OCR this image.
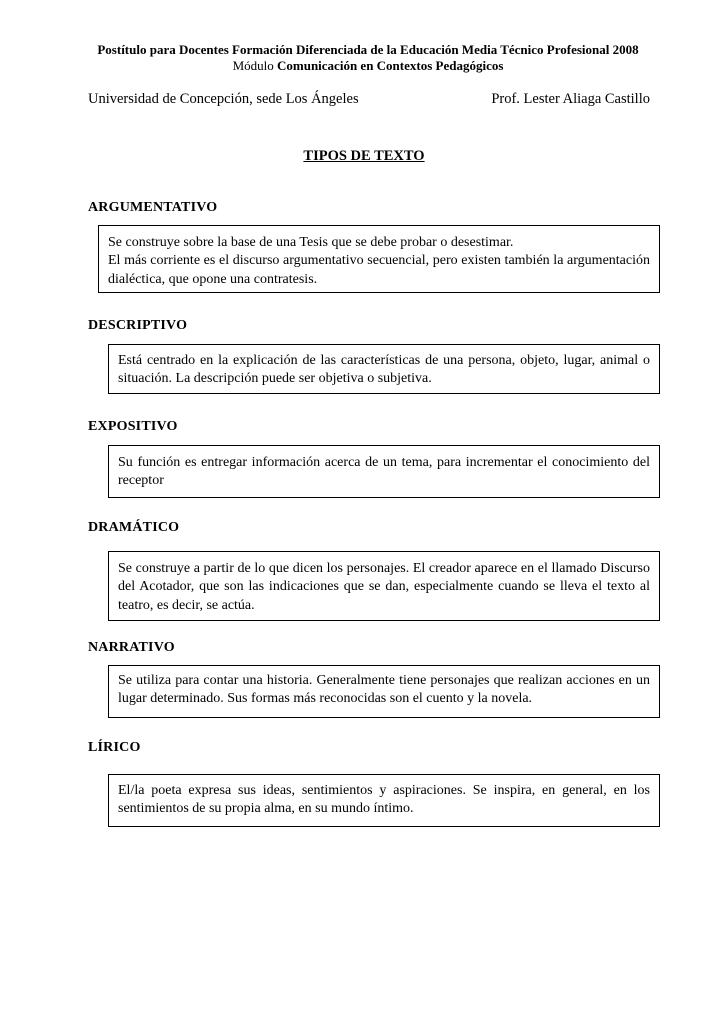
Postítulo para Docentes Formación Diferenciada de la Educación Media Técnico Profesional 2008
Módulo Comunicación en Contextos Pedagógicos
Universidad de Concepción, sede Los Ángeles	Prof. Lester Aliaga Castillo
TIPOS DE TEXTO
ARGUMENTATIVO

Se construye sobre la base de una Tesis que se debe probar o desestimar.

El más corriente es el discurso argumentativo secuencial, pero existen también la argumentación dialéctica, que opone una contratesis.

DESCRIPTIVO

Está centrado en la explicación de las características de una persona, objeto, lugar, animal o situación. La descripción puede ser objetiva o subjetiva.

EXPOSITIVO

Su función es entregar información acerca de un tema, para incrementar el conocimiento del receptor

DRAMÁTICO

Se construye a partir de lo que dicen los personajes. El creador aparece en el llamado Discurso del Acotador, que son las indicaciones que se dan, especialmente cuando se lleva el texto al teatro, es decir, se actúa.

NARRATIVO

Se utiliza para contar una historia. Generalmente tiene personajes que realizan acciones en un lugar determinado. Sus formas más reconocidas son el cuento y la novela.

LÍRICO

El/la poeta expresa sus ideas, sentimientos y aspiraciones. Se inspira, en general, en los sentimientos de su propia alma, en su mundo íntimo.
